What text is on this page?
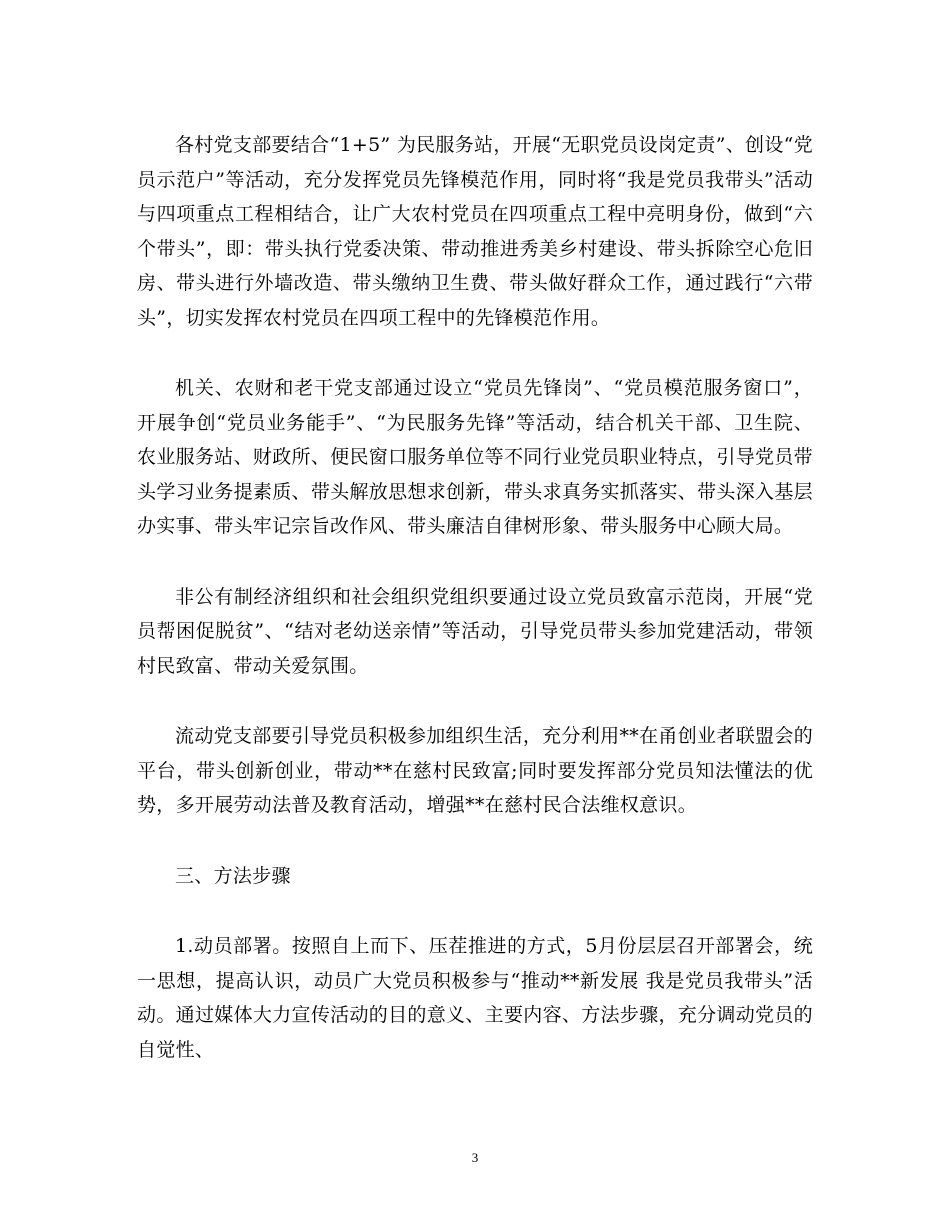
各村党支部要结合“1+5” 为民服务站，开展“无职党员设岗定责”、创设“党员示范户”等活动，充分发挥党员先锋模范作用，同时将“我是党员我带头”活动与四项重点工程相结合，让广大农村党员在四项重点工程中亮明身份，做到“六个带头”，即：带头执行党委决策、带动推进秀美乡村建设、带头拆除空心危旧房、带头进行外墙改造、带头缴纳卫生费、带头做好群众工作，通过践行“六带头”，切实发挥农村党员在四项工程中的先锋模范作用。

机关、农财和老干党支部通过设立“党员先锋岗”、“党员模范服务窗口”，开展争创“党员业务能手”、“为民服务先锋”等活动，结合机关干部、卫生院、农业服务站、财政所、便民窗口服务单位等不同行业党员职业特点，引导党员带头学习业务提素质、带头解放思想求创新，带头求真务实抓落实、带头深入基层办实事、带头牢记宗旨改作风、带头廉洁自律树形象、带头服务中心顾大局。

非公有制经济组织和社会组织党组织要通过设立党员致富示范岗，开展“党员帮困促脱贫”、“结对老幼送亲情”等活动，引导党员带头参加党建活动，带领村民致富、带动关爱氛围。

流动党支部要引导党员积极参加组织生活，充分利用**在甬创业者联盟会的平台，带头创新创业，带动**在慈村民致富;同时要发挥部分党员知法懂法的优势，多开展劳动法普及教育活动，增强**在慈村民合法维权意识。

三、方法步骤

1.动员部署。按照自上而下、压茬推进的方式，5月份层层召开部署会，统一思想，提高认识，动员广大党员积极参与“推动**新发展 我是党员我带头”活动。通过媒体大力宣传活动的目的意义、主要内容、方法步骤，充分调动党员的自觉性、

3
